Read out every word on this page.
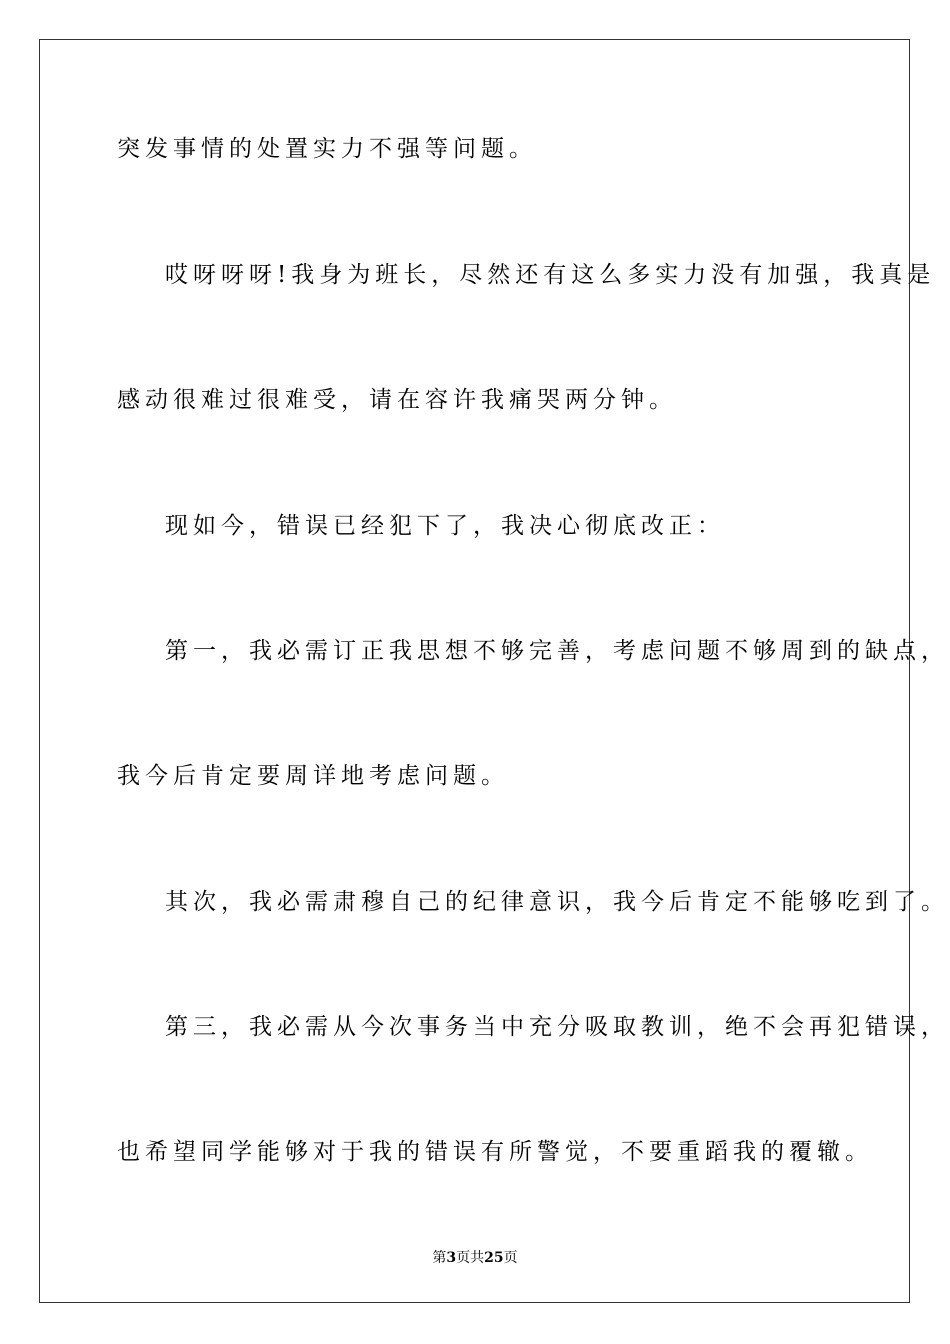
突发事情的处置实力不强等问题。
哎呀呀呀!我身为班长，尽然还有这么多实力没有加强，我真是
感动很难过很难受，请在容许我痛哭两分钟。
现如今，错误已经犯下了，我决心彻底改正：
第一，我必需订正我思想不够完善，考虑问题不够周到的缺点，
我今后肯定要周详地考虑问题。
其次，我必需肃穆自己的纪律意识，我今后肯定不能够吃到了。
第三，我必需从今次事务当中充分吸取教训，绝不会再犯错误，
也希望同学能够对于我的错误有所警觉，不要重蹈我的覆辙。
第3页共25页
